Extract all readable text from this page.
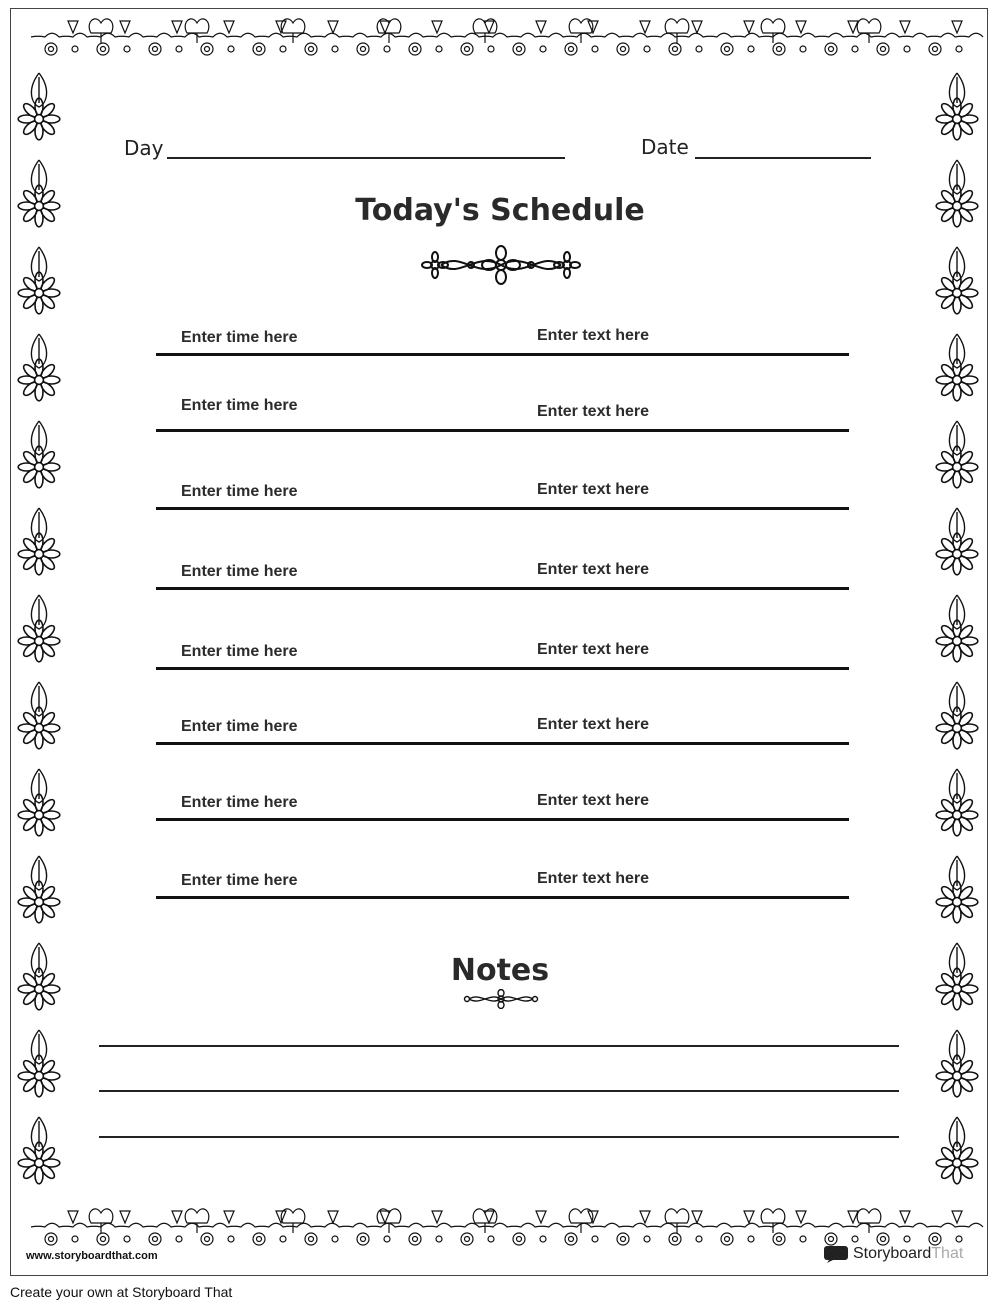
Day	Date
Today's Schedule
Enter time here	Enter text here
Enter time here	Enter text here
Enter time here	Enter text here
Enter time here	Enter text here
Enter time here	Enter text here
Enter time here	Enter text here
Enter time here	Enter text here
Enter time here	Enter text here
Notes
www.storyboardthat.com	StoryboardThat
Create your own at Storyboard That
